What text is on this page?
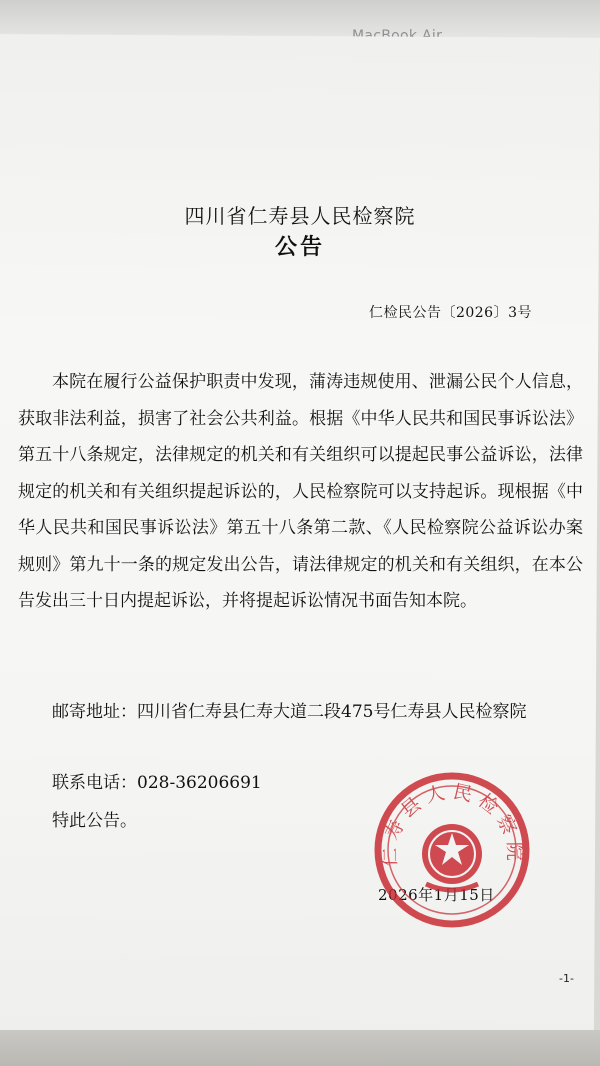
四川省仁寿县人民检察院
公告
仁检民公告〔2026〕3号

本院在履行公益保护职责中发现，蒲涛违规使用、泄漏公民个人信息，获取非法利益，损害了社会公共利益。根据《中华人民共和国民事诉讼法》第五十八条规定，法律规定的机关和有关组织可以提起民事公益诉讼，法律规定的机关和有关组织提起诉讼的，人民检察院可以支持起诉。现根据《中华人民共和国民事诉讼法》第五十八条第二款、《人民检察院公益诉讼办案规则》第九十一条的规定发出公告，请法律规定的机关和有关组织，在本公告发出三十日内提起诉讼，并将提起诉讼情况书面告知本院。

邮寄地址：四川省仁寿县仁寿大道二段475号仁寿县人民检察院

联系电话：028-36206691
特此公告。
2026年1月15日
仁寿县人民检察院
-1-
